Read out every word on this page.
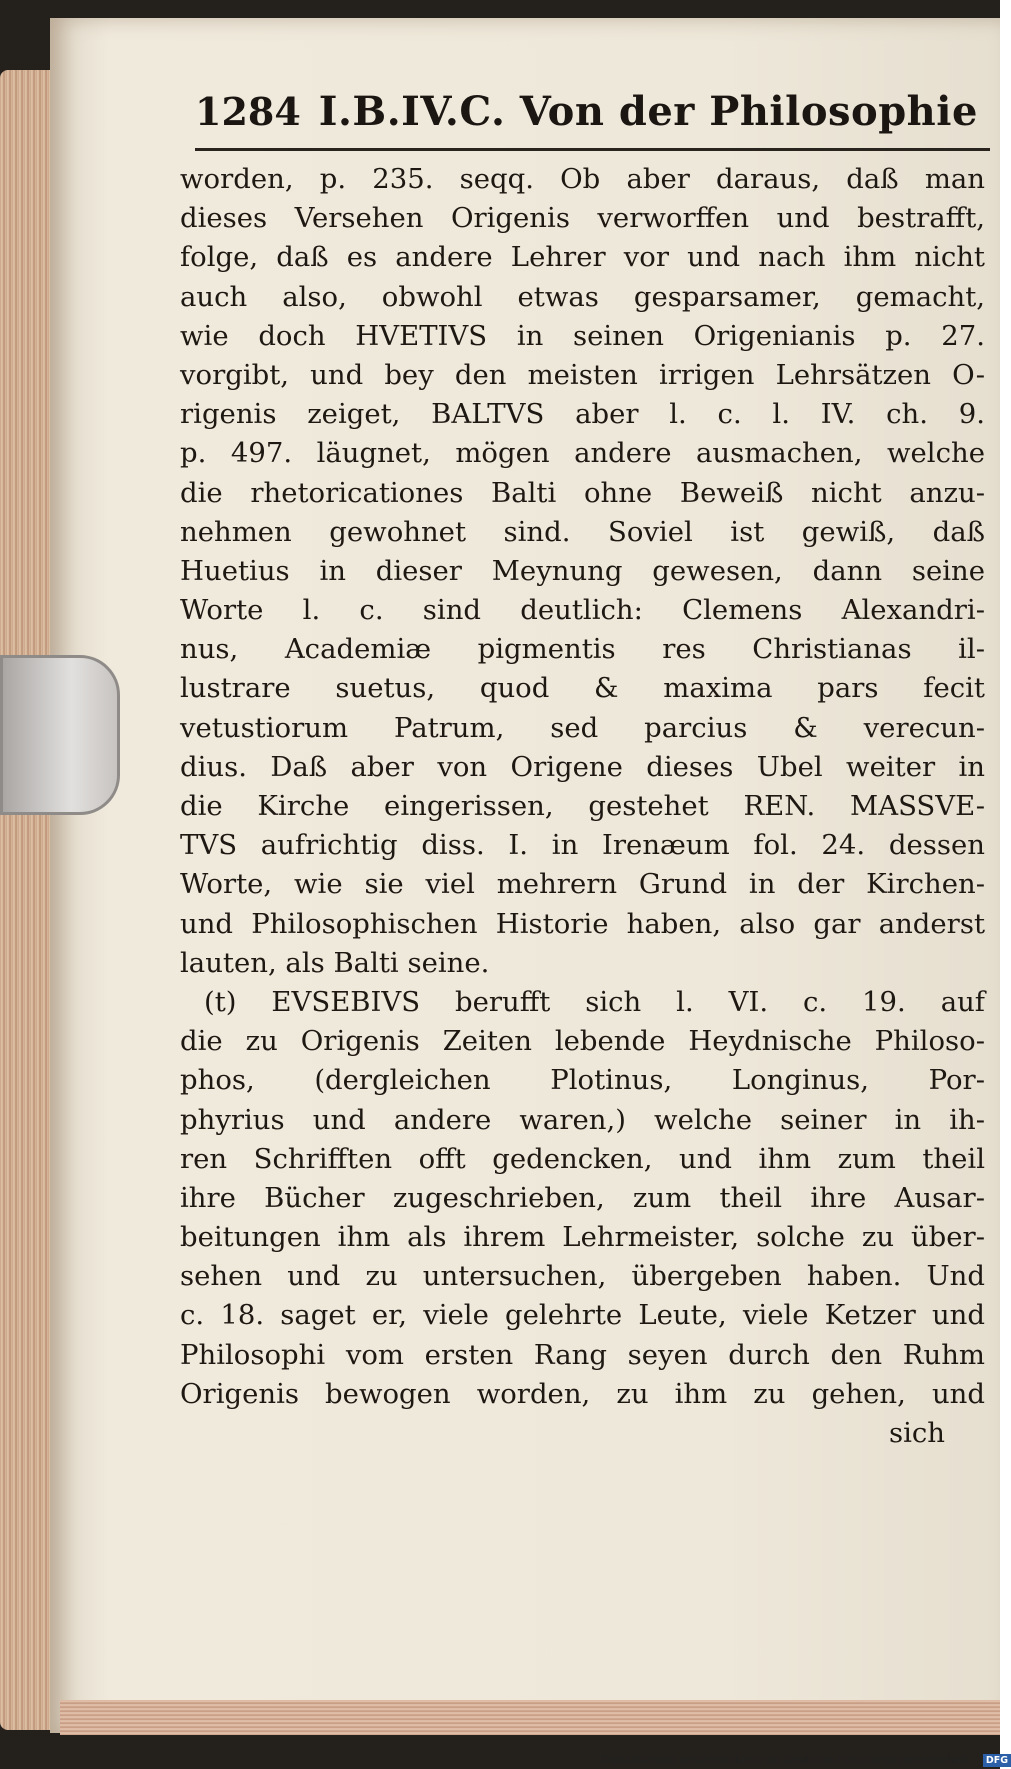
1284 I.B.IV.C. Von der Philosophie
worden, p. 235. seqq. Ob aber daraus, daß man
dieses Versehen Origenis verworffen und bestrafft,
folge, daß es andere Lehrer vor und nach ihm nicht
auch also, obwohl etwas gesparsamer, gemacht,
wie doch HVETIVS in seinen Origenianis p. 27.
vorgibt, und bey den meisten irrigen Lehrsätzen O-
rigenis zeiget, BALTVS aber l. c. l. IV. ch. 9.
p. 497. läugnet, mögen andere ausmachen, welche
die rhetoricationes Balti ohne Beweiß nicht anzu-
nehmen gewohnet sind. Soviel ist gewiß, daß
Huetius in dieser Meynung gewesen, dann seine
Worte l. c. sind deutlich: Clemens Alexandri-
nus, Academiæ pigmentis res Christianas il-
lustrare suetus, quod & maxima pars fecit
vetustiorum Patrum, sed parcius & verecun-
dius. Daß aber von Origene dieses Ubel weiter in
die Kirche eingerissen, gestehet REN. MASSVE-
TVS aufrichtig diss. I. in Irenæum fol. 24. dessen
Worte, wie sie viel mehrern Grund in der Kirchen-
und Philosophischen Historie haben, also gar anderst
lauten, als Balti seine.
(t) EVSEBIVS berufft sich l. VI. c. 19. auf
die zu Origenis Zeiten lebende Heydnische Philoso-
phos, (dergleichen Plotinus, Longinus, Por-
phyrius und andere waren,) welche seiner in ih-
ren Schrifften offt gedencken, und ihm zum theil
ihre Bücher zugeschrieben, zum theil ihre Ausar-
beitungen ihm als ihrem Lehrmeister, solche zu über-
sehen und zu untersuchen, übergeben haben. Und
c. 18. saget er, viele gelehrte Leute, viele Ketzer und
Philosophi vom ersten Rang seyen durch den Ruhm
Origenis bewogen worden, zu ihm zu gehen, und
sich
Digitalisierung gefördert durch die Deutsche Forschungsgemeinschaft - DFG
